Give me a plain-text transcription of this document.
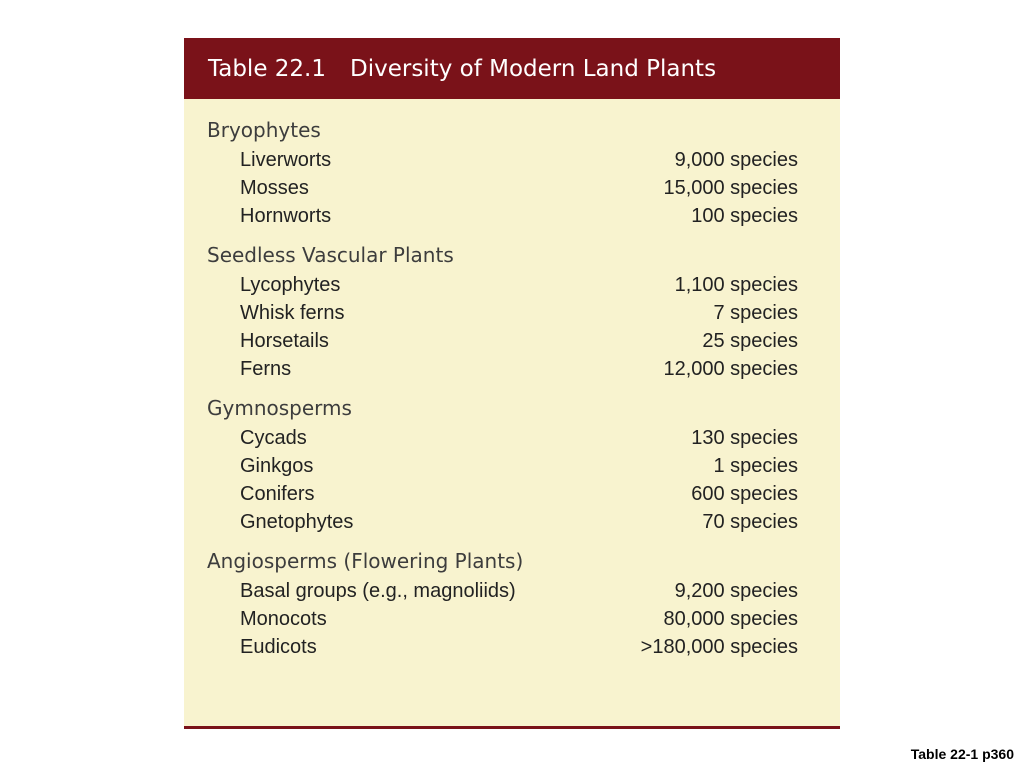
Table 22.1 Diversity of Modern Land Plants
Bryophytes
Liverworts	9,000 species
Mosses	15,000 species
Hornworts	100 species
Seedless Vascular Plants
Lycophytes	1,100 species
Whisk ferns	7 species
Horsetails	25 species
Ferns	12,000 species
Gymnosperms
Cycads	130 species
Ginkgos	1 species
Conifers	600 species
Gnetophytes	70 species
Angiosperms (Flowering Plants)
Basal groups (e.g., magnoliids)	9,200 species
Monocots	80,000 species
Eudicots	>180,000 species
Table 22-1 p360
